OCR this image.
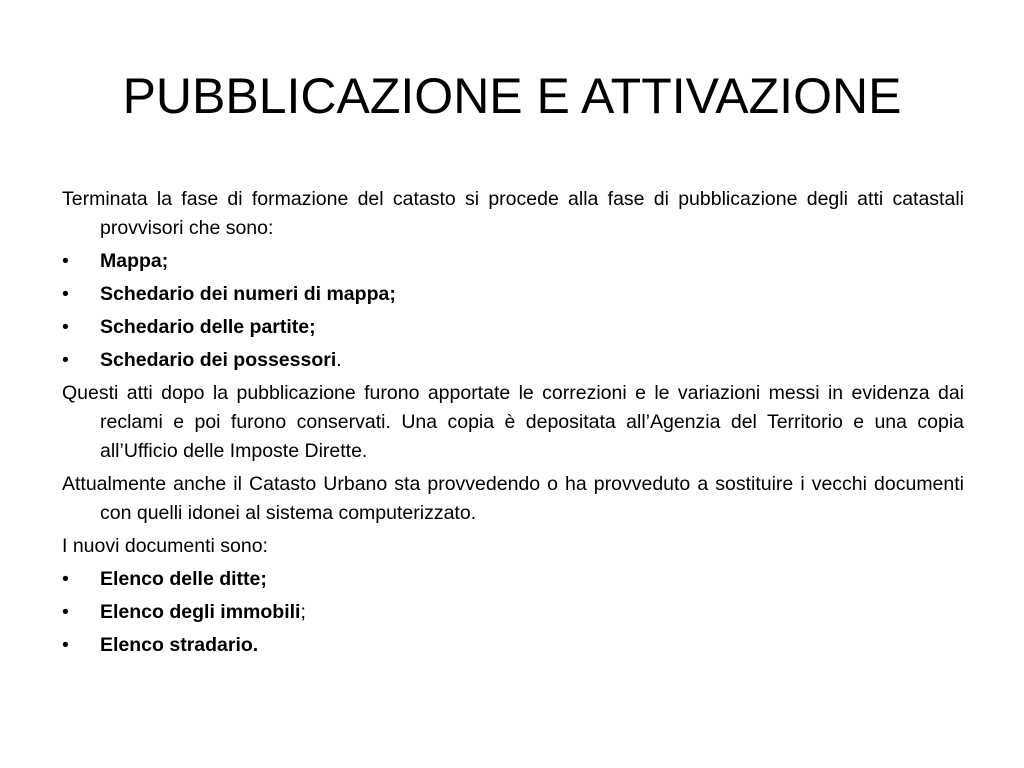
PUBBLICAZIONE E ATTIVAZIONE
Terminata la fase di formazione del catasto si procede alla fase di pubblicazione degli atti catastali provvisori che sono:
•	Mappa;
•	Schedario dei numeri di mappa;
•	Schedario delle partite;
•	Schedario dei possessori.
Questi atti dopo la pubblicazione furono apportate le correzioni e le variazioni messi in evidenza dai reclami e poi furono conservati. Una copia è depositata all’Agenzia del Territorio e una copia all’Ufficio delle Imposte Dirette.
Attualmente anche il Catasto Urbano sta provvedendo o ha provveduto a sostituire i vecchi documenti con quelli idonei al sistema computerizzato.
I nuovi documenti sono:
•	Elenco delle ditte;
•	Elenco degli immobili;
•	Elenco stradario.
